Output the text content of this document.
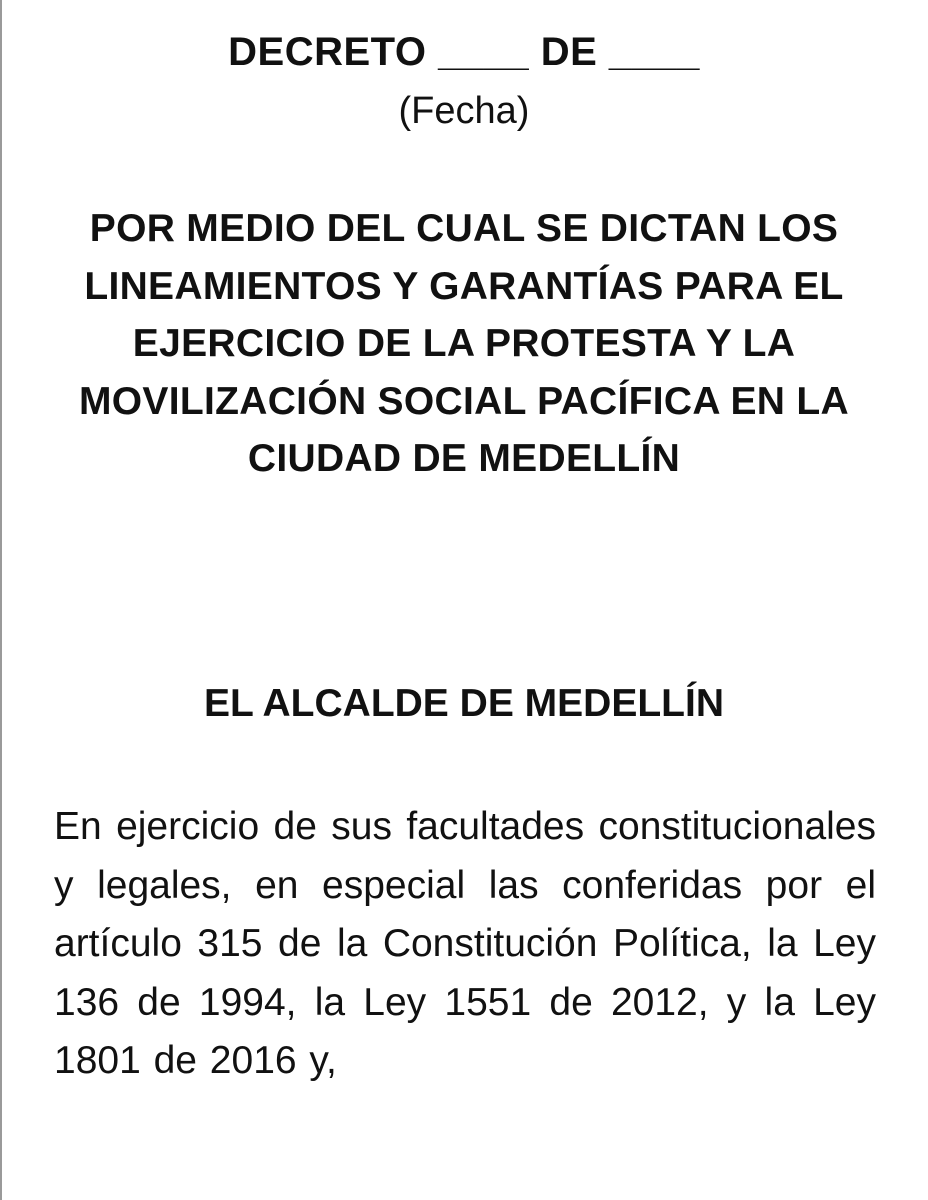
DECRETO ____ DE ____
(Fecha)
POR MEDIO DEL CUAL SE DICTAN LOS LINEAMIENTOS Y GARANTÍAS PARA EL EJERCICIO DE LA PROTESTA Y LA MOVILIZACIÓN SOCIAL PACÍFICA EN LA CIUDAD DE MEDELLÍN
EL ALCALDE DE MEDELLÍN
En ejercicio de sus facultades constitucionales y legales, en especial las conferidas por el artículo 315 de la Constitución Política, la Ley 136 de 1994, la Ley 1551 de 2012, y la Ley 1801 de 2016 y,
